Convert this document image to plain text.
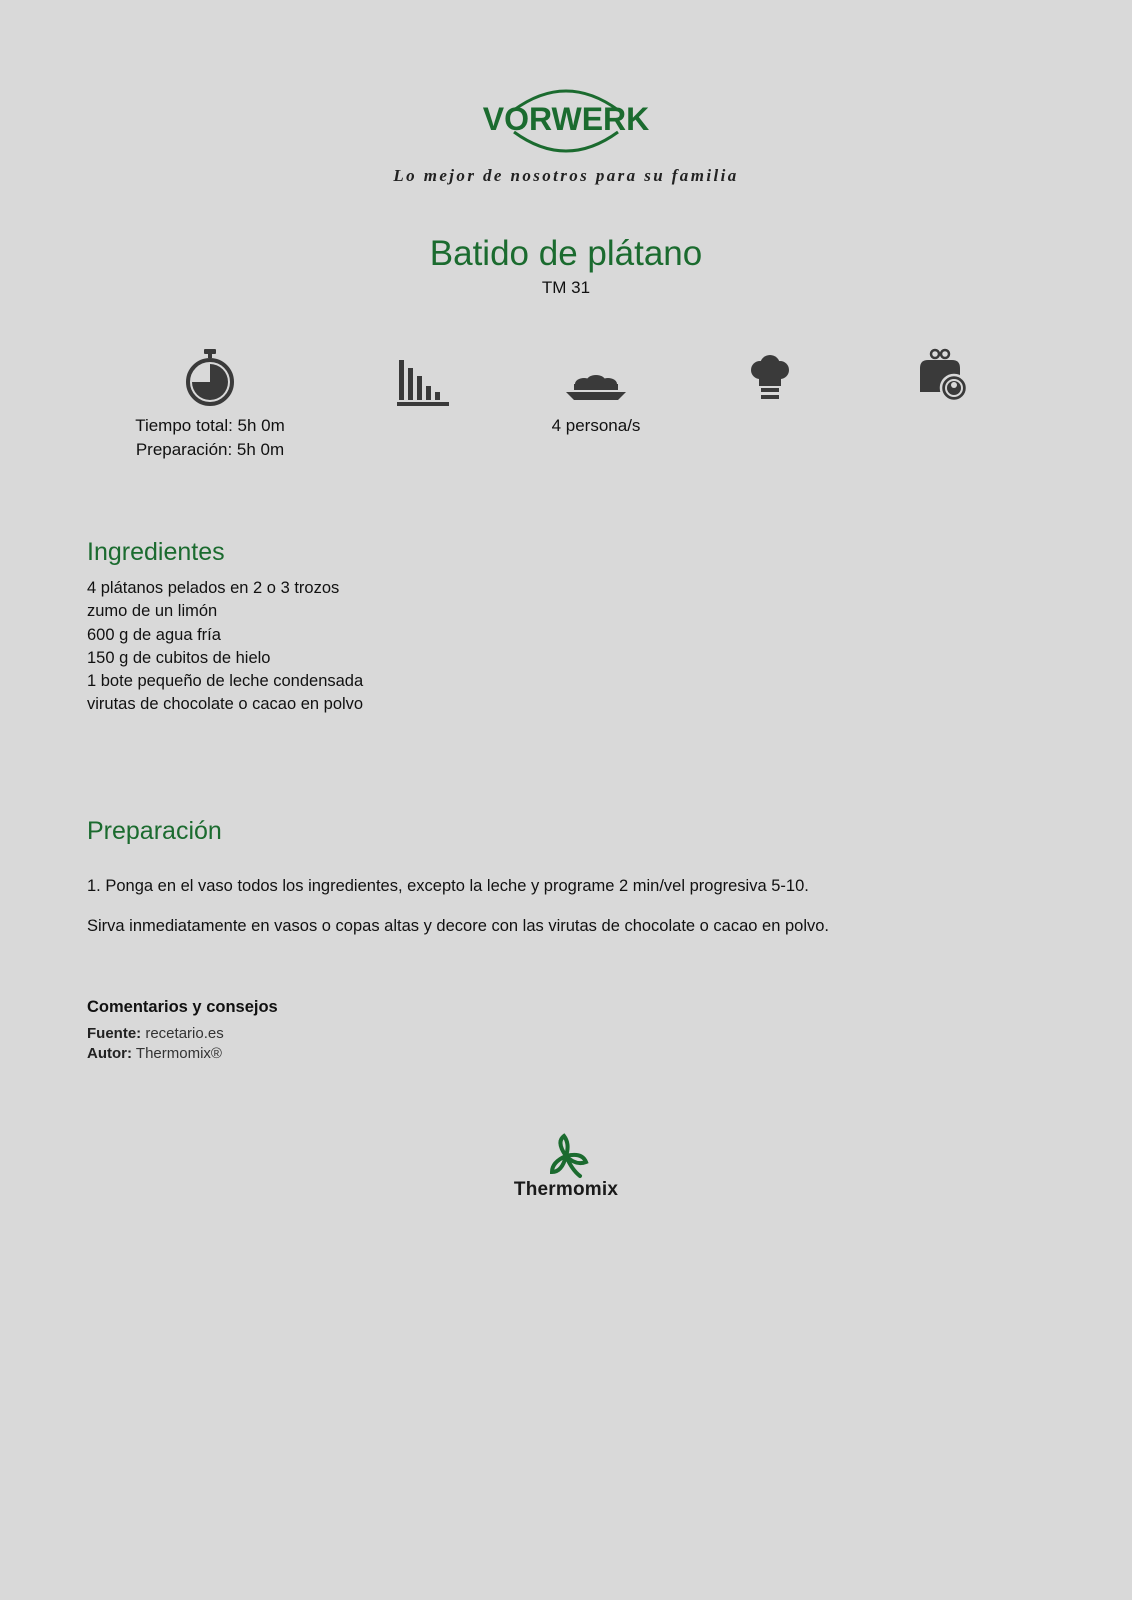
VORWERK
Lo mejor de nosotros para su familia
Batido de plátano
TM 31
Tiempo total: 5h 0m
Preparación: 5h 0m
4 persona/s
Ingredientes
4 plátanos pelados en 2 o 3 trozos
zumo de un limón
600 g de agua fría
150 g de cubitos de hielo
1 bote pequeño de leche condensada
virutas de chocolate o cacao en polvo
Preparación

1. Ponga en el vaso todos los ingredientes, excepto la leche y programe 2 min/vel progresiva 5-10.

Sirva inmediatamente en vasos o copas altas y decore con las virutas de chocolate o cacao en polvo.

Comentarios y consejos
Fuente: recetario.es
Autor: Thermomix®
Thermomix
